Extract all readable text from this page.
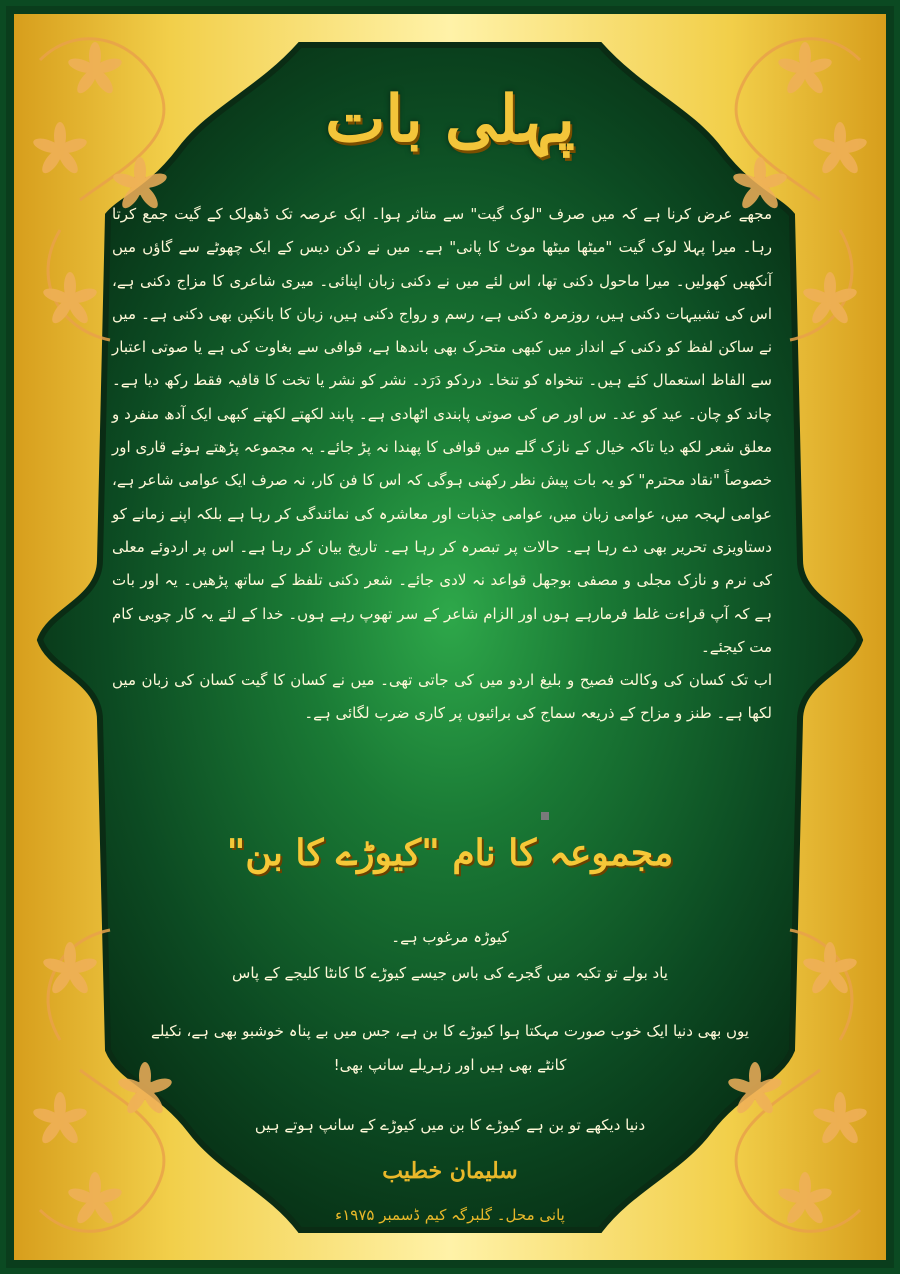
پہلی بات

مجھے عرض کرنا ہے کہ میں صرف "لوک گیت" سے متاثر ہوا۔ ایک عرصہ تک ڈھولک کے گیت جمع کرتا رہا۔ میرا پہلا لوک گیت "میٹھا میٹھا موٹ کا پانی" ہے۔ میں نے دکن دیس کے ایک چھوٹے سے گاؤں میں آنکھیں کھولیں۔ میرا ماحول دکنی تھا، اس لئے میں نے دکنی زبان اپنائی۔ میری شاعری کا مزاج دکنی ہے، اس کی تشبیہات دکنی ہیں، روزمرہ دکنی ہے، رسم و رواج دکنی ہیں، زبان کا بانکپن بھی دکنی ہے۔ میں نے ساکن لفظ کو دکنی کے انداز میں کبھی متحرک بھی باندھا ہے، قوافی سے بغاوت کی ہے یا صوتی اعتبار سے الفاظ استعمال کئے ہیں۔ تنخواہ کو تنخا۔ دردکو دَرَد۔ نشر کو نشر یا تخت کا قافیہ فقط رکھ دیا ہے۔ چاند کو چان۔ عید کو عد۔ س اور ص کی صوتی پابندی اٹھادی ہے۔ پابند لکھتے لکھتے کبھی ایک آدھ منفرد و معلق شعر لکھ دیا تاکہ خیال کے نازک گلے میں قوافی کا پھندا نہ پڑ جائے۔ یہ مجموعہ پڑھتے ہوئے قاری اور خصوصاً "نقاد محترم" کو یہ بات پیش نظر رکھنی ہوگی کہ اس کا فن کار، نہ صرف ایک عوامی شاعر ہے، عوامی لہجہ میں، عوامی زبان میں، عوامی جذبات اور معاشرہ کی نمائندگی کر رہا ہے بلکہ اپنے زمانے کو دستاویزی تحریر بھی دے رہا ہے۔ حالات پر تبصرہ کر رہا ہے۔ تاریخ بیان کر رہا ہے۔ اس پر اردوئے معلی کی نرم و نازک مجلی و مصفی بوجھل قواعد نہ لادی جائے۔ شعر دکنی تلفظ کے ساتھ پڑھیں۔ یہ اور بات ہے کہ آپ قراءت غلط فرمارہے ہوں اور الزام شاعر کے سر تھوپ رہے ہوں۔ خدا کے لئے یہ کار چوبی کام مت کیجئے۔

اب تک کسان کی وکالت فصیح و بلیغ اردو میں کی جاتی تھی۔ میں نے کسان کا گیت کسان کی زبان میں لکھا ہے۔ طنز و مزاح کے ذریعہ سماج کی برائیوں پر کاری ضرب لگائی ہے۔

مجموعہ کا نام "کیوڑے کا بن"
کیوڑہ مرغوب ہے۔
یاد بولے تو تکیہ میں گجرے کی باس جیسے کیوڑے کا کانٹا کلیجے کے پاس
یوں بھی دنیا ایک خوب صورت مہکتا ہوا کیوڑے کا بن ہے، جس میں بے پناہ خوشبو بھی ہے، نکیلے
کانٹے بھی ہیں اور زہریلے سانپ بھی!
دنیا دیکھے تو بن ہے کیوڑے کا بن میں کیوڑے کے سانپ ہوتے ہیں
سلیمان خطیب
پانی محل۔ گلبرگہ کیم ڈسمبر ۱۹۷۵ء
